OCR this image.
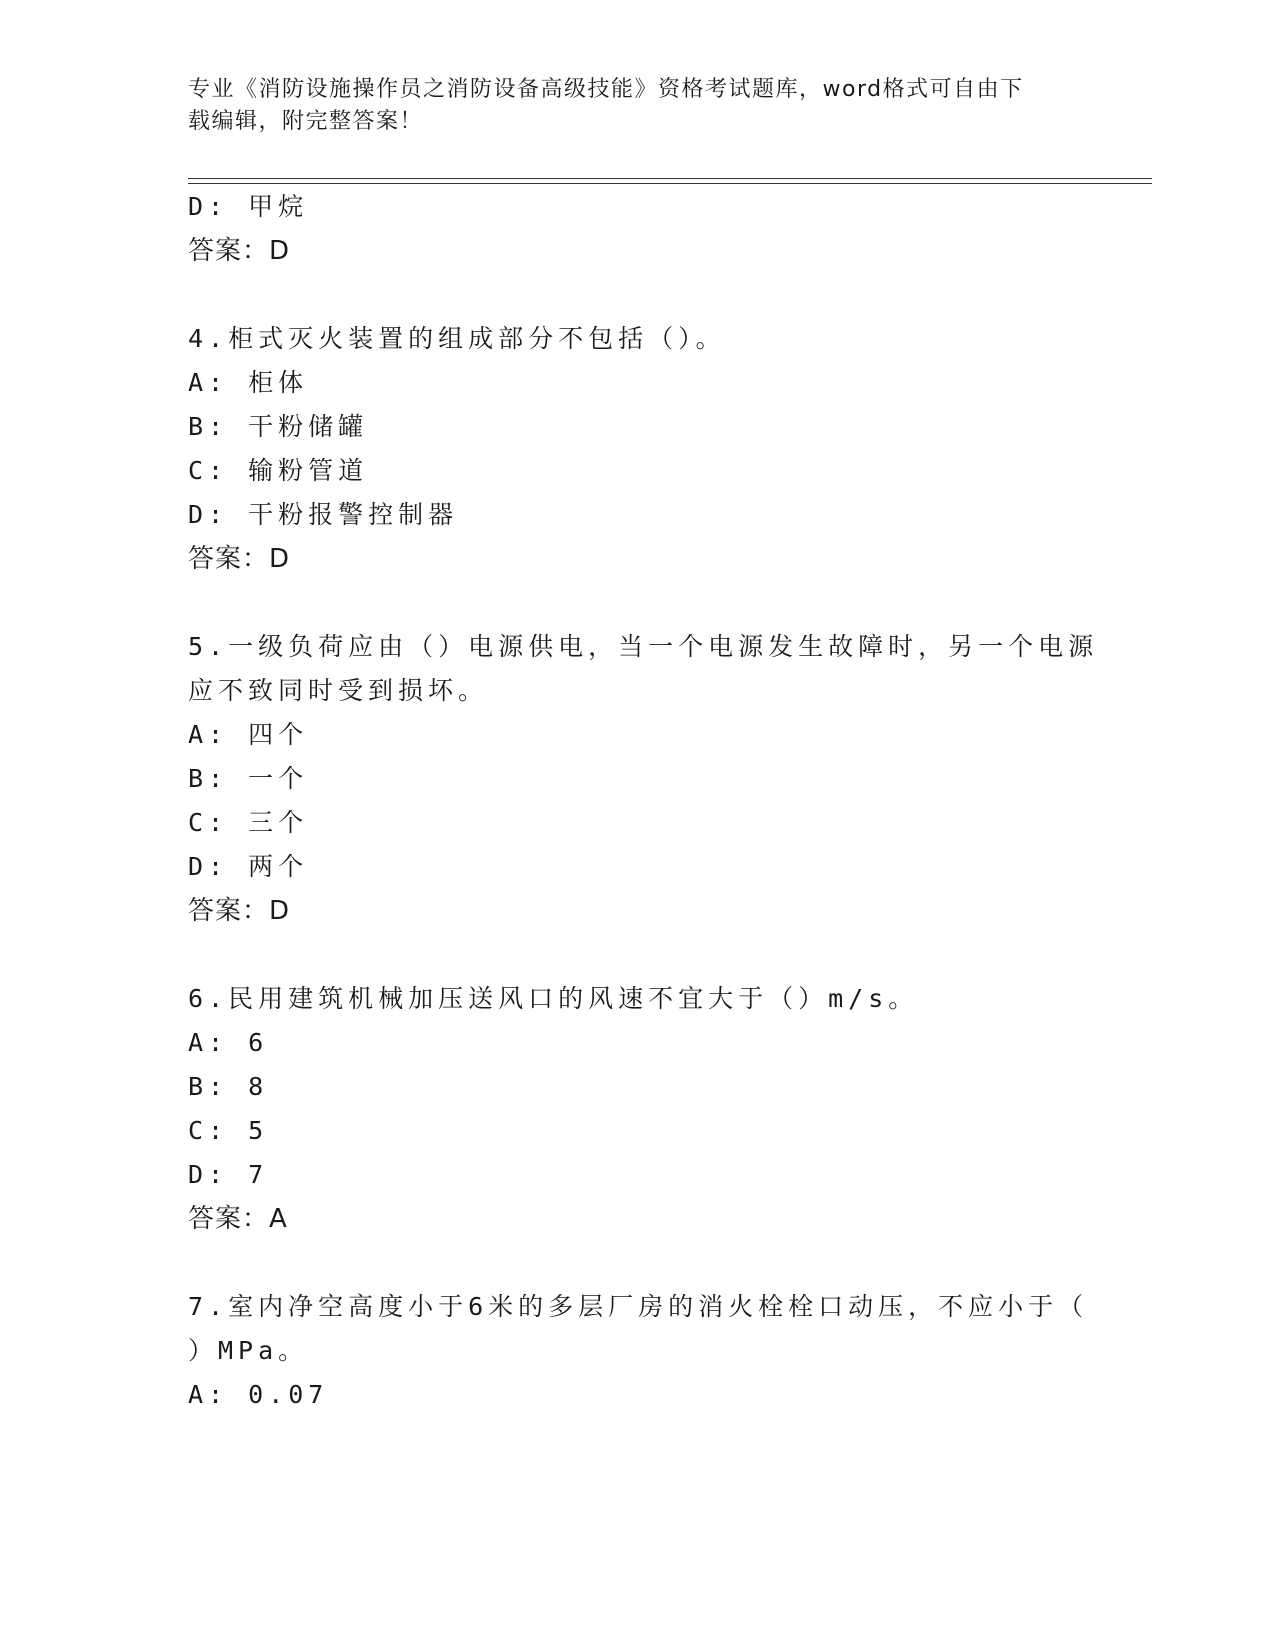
专业《消防设施操作员之消防设备高级技能》资格考试题库，word格式可自由下
载编辑，附完整答案！
D: 甲烷
答案：D
4.柜式灭火装置的组成部分不包括（）。
A: 柜体
B: 干粉储罐
C: 输粉管道
D: 干粉报警控制器
答案：D
5.一级负荷应由（）电源供电，当一个电源发生故障时，另一个电源
应不致同时受到损坏。
A: 四个
B: 一个
C: 三个
D: 两个
答案：D
6.民用建筑机械加压送风口的风速不宜大于（）m/s。
A: 6
B: 8
C: 5
D: 7
答案：A
7.室内净空高度小于6米的多层厂房的消火栓栓口动压，不应小于（
）MPa。
A: 0.07
